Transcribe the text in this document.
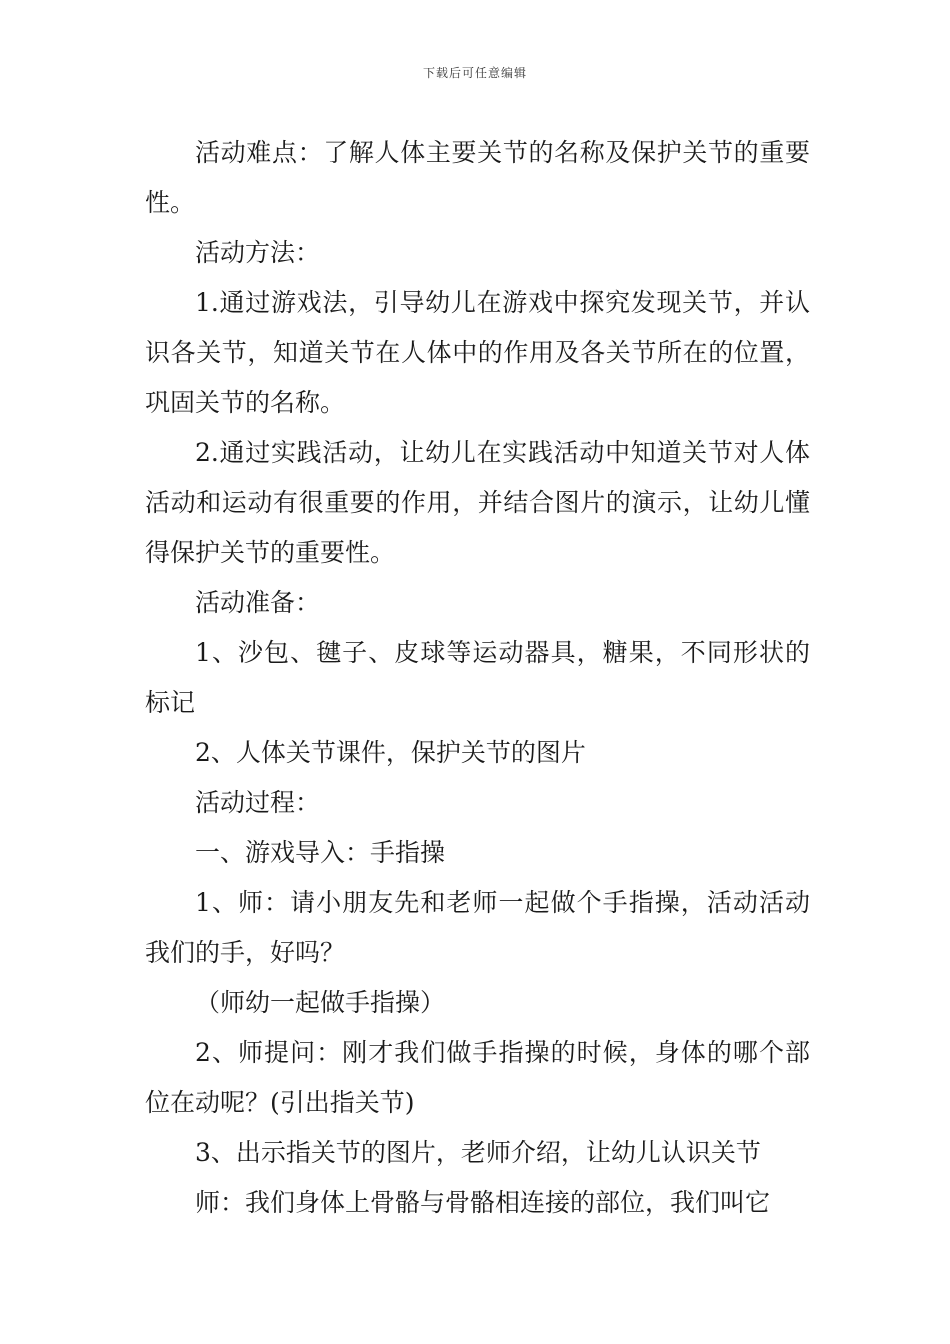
下载后可任意编辑

活动难点：了解人体主要关节的名称及保护关节的重要性。

活动方法：

1.通过游戏法，引导幼儿在游戏中探究发现关节，并认识各关节，知道关节在人体中的作用及各关节所在的位置，巩固关节的名称。

2.通过实践活动，让幼儿在实践活动中知道关节对人体活动和运动有很重要的作用，并结合图片的演示，让幼儿懂得保护关节的重要性。

活动准备：

1、沙包、毽子、皮球等运动器具，糖果，不同形状的标记

2、人体关节课件，保护关节的图片

活动过程：

一、游戏导入：手指操

1、师：请小朋友先和老师一起做个手指操，活动活动我们的手，好吗？

（师幼一起做手指操）

2、师提问：刚才我们做手指操的时候，身体的哪个部位在动呢？(引出指关节)

3、出示指关节的图片，老师介绍，让幼儿认识关节

师：我们身体上骨骼与骨骼相连接的部位，我们叫它
